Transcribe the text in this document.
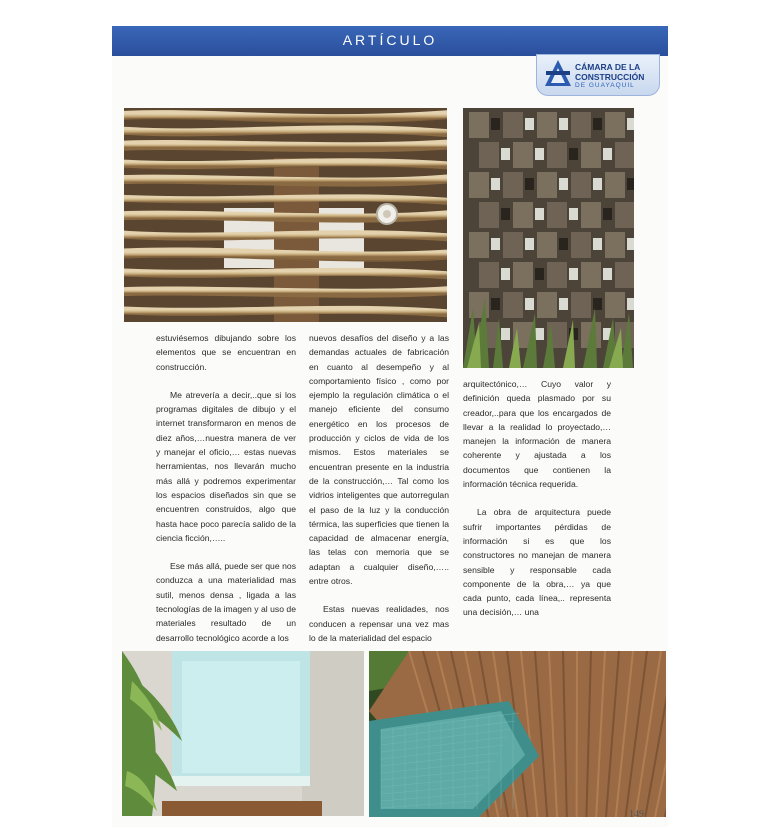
ARTÍCULO
CÁMARA DE LA
CONSTRUCCIÓN
DE GUAYAQUIL

estuviésemos dibujando sobre los elementos que se encuentran en construcción.

Me atrevería a decir,..que si los programas digitales de dibujo y el internet transformaron en menos de diez años,…nuestra manera de ver y manejar el oficio,… estas nuevas herramientas, nos llevarán mucho más allá y podremos experimentar los espacios diseñados sin que se encuentren construidos, algo que hasta hace poco parecía salido de la ciencia ficción,…..

Ese más allá, puede ser que nos conduzca a una materialidad mas sutil, menos densa , ligada a las tecnologías de la imagen y al uso de materiales resultado de un desarrollo tecnológico acorde a los

nuevos desafíos del diseño y a las demandas actuales de fabricación en cuanto al desempeño y al comportamiento físico , como por ejemplo la regulación climática o el manejo eficiente del consumo energético en los procesos de producción y ciclos de vida de los mismos. Estos materiales se encuentran presente en la industria de la construcción,… Tal como los vidrios inteligentes que autorregulan el paso de la luz y la conducción térmica, las superficies que tienen la capacidad de almacenar energía, las telas con memoria que se adaptan a cualquier diseño,….. entre otros.

Estas nuevas realidades, nos conducen a repensar una vez mas lo de la materialidad del espacio

arquitectónico,… Cuyo valor y definición queda plasmado por su creador,..para que los encargados de llevar a la realidad lo proyectado,… manejen la información de manera coherente y ajustada a los documentos que contienen la información técnica requerida.

La obra de arquitectura puede sufrir importantes pérdidas de información si es que los constructores no manejan de manera sensible y responsable cada componente de la obra,… ya que cada punto, cada línea,.. representa una decisión,… una

149
